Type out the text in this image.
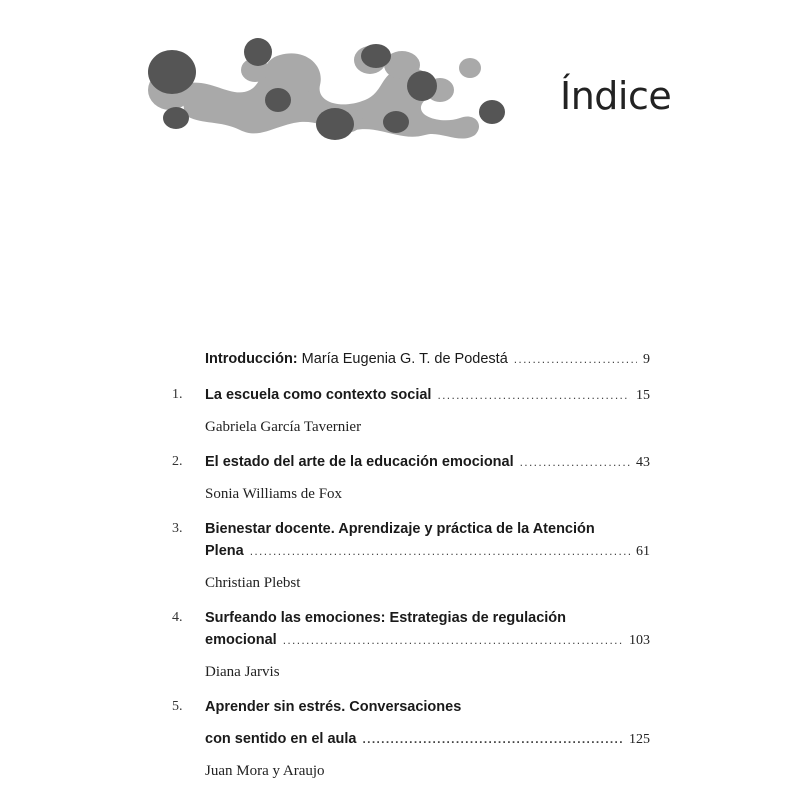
Índice
Introducción: María Eugenia G. T. de Podestá . . .	9
1. La escuela como contexto social . . .	15
Gabriela García Tavernier
2. El estado del arte de la educación emocional . . .	43
Sonia Williams de Fox
3. Bienestar docente. Aprendizaje y práctica de la Atención
Plena . . .	61
Christian Plebst
4. Surfeando las emociones: Estrategias de regulación
emocional . . .	103
Diana Jarvis
5. Aprender sin estrés. Conversaciones
con sentido en el aula . . .	125
Juan Mora y Araujo
